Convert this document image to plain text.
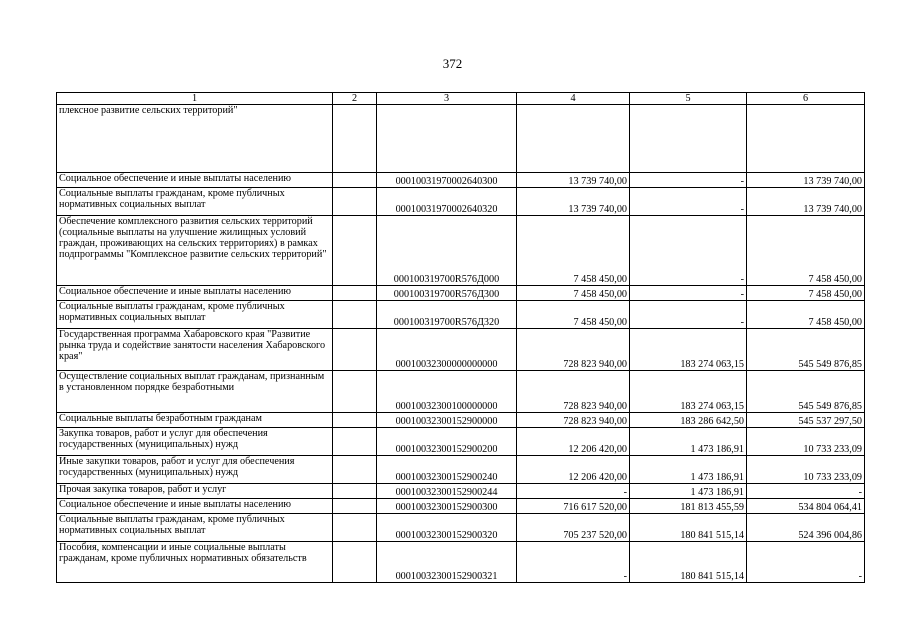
372
1	2	3	4	5	6
плексное развитие сельских территорий"					
Социальное обеспечение и иные выплаты населению		000100319700026403​00	13 739 740,00	-	13 739 740,00
Социальные выплаты гражданам, кроме публичных нормативных социальных выплат		00010031970002640320	13 739 740,00	-	13 739 740,00
Обеспечение комплексного развития сельских территорий (социальные выплаты на улучшение жилищных условий граждан, проживающих на сельских территориях) в рамках подпрограммы "Комплексное развитие сельских территорий"		000100319700R576Д000	7 458 450,00	-	7 458 450,00
Социальное обеспечение и иные выплаты населению		000100319700R576Д300	7 458 450,00	-	7 458 450,00
Социальные выплаты гражданам, кроме публичных нормативных социальных выплат		000100319700R576Д320	7 458 450,00	-	7 458 450,00
Государственная программа Хабаровского края "Развитие рынка труда и содействие занятости населения Хабаровского края"		00010032300000000000	728 823 940,00	183 274 063,15	545 549 876,85
Осуществление социальных выплат гражданам, признанным в установленном порядке безработными		00010032300100000000	728 823 940,00	183 274 063,15	545 549 876,85
Социальные выплаты безработным гражданам		00010032300152900000	728 823 940,00	183 286 642,50	545 537 297,50
Закупка товаров, работ и услуг для обеспечения государственных (муниципальных) нужд		00010032300152900200	12 206 420,00	1 473 186,91	10 733 233,09
Иные закупки товаров, работ и услуг для обеспечения государственных (муниципальных) нужд		00010032300152900240	12 206 420,00	1 473 186,91	10 733 233,09
Прочая закупка товаров, работ и услуг		00010032300152900244	-	1 473 186,91	-
Социальное обеспечение и иные выплаты населению		00010032300152900300	716 617 520,00	181 813 455,59	534 804 064,41
Социальные выплаты гражданам, кроме публичных нормативных социальных выплат		00010032300152900320	705 237 520,00	180 841 515,14	524 396 004,86
Пособия, компенсации и иные социальные выплаты гражданам, кроме публичных нормативных обязательств		00010032300152900321	-	180 841 515,14	-
